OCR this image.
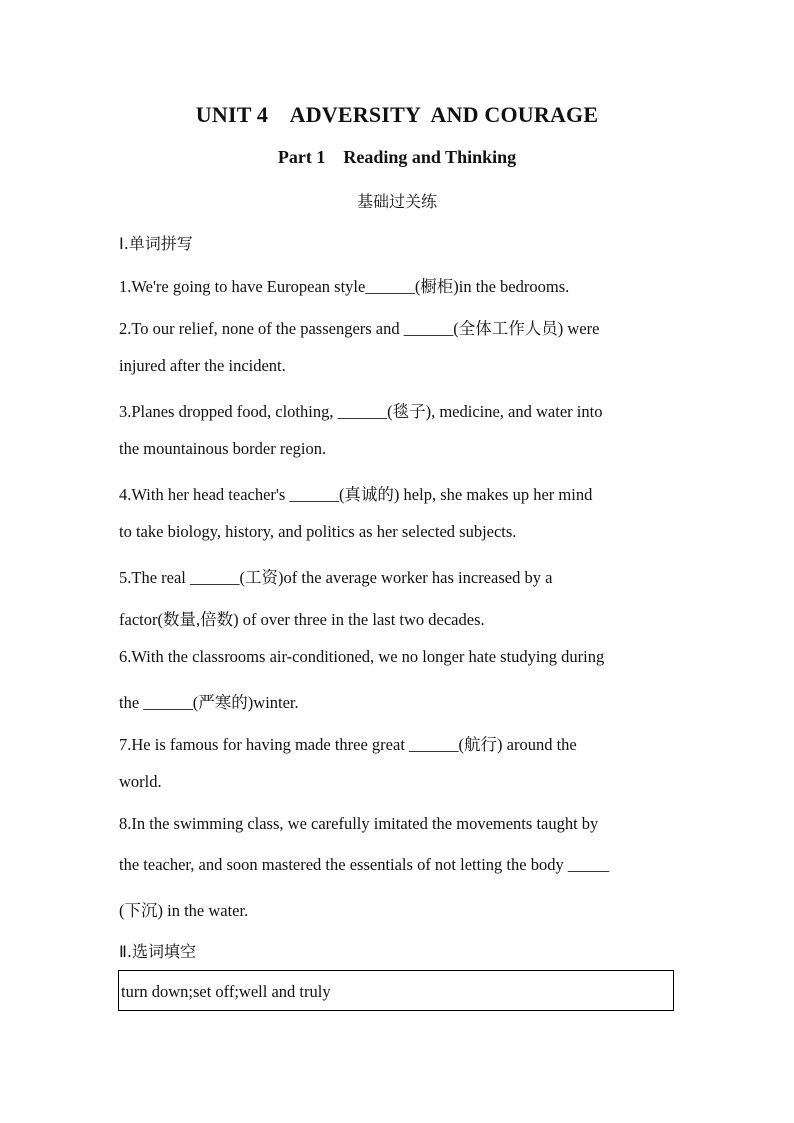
UNIT 4    ADVERSITY  AND COURAGE
Part 1    Reading and Thinking
基础过关练
Ⅰ.单词拼写
1.We're going to have European style______(橱柜)in the bedrooms.
2.To our relief, none of the passengers and ______(全体工作人员) were
injured after the incident.
3.Planes dropped food, clothing, ______(毯子), medicine, and water into
the mountainous border region.
4.With her head teacher's ______(真诚的) help, she makes up her mind
to take biology, history, and politics as her selected subjects.
5.The real ______(工资)of the average worker has increased by a
factor(数量,倍数) of over three in the last two decades.
6.With the classrooms air-conditioned, we no longer hate studying during
the ______(严寒的)winter.
7.He is famous for having made three great ______(航行) around the
world.
8.In the swimming class, we carefully imitated the movements taught by
the teacher, and soon mastered the essentials of not letting the body _____
(下沉) in the water.
Ⅱ.选词填空
turn down;set off;well and truly
